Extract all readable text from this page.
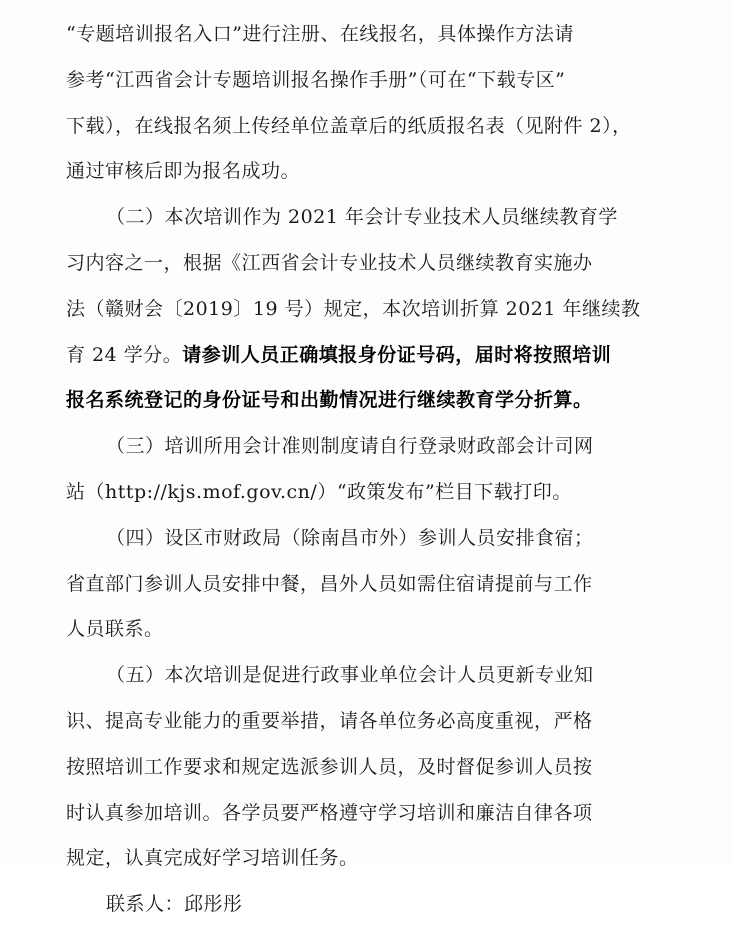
“专题培训报名入口”进行注册、在线报名，具体操作方法请
参考“江西省会计专题培训报名操作手册”（可在“下载专区”
下载），在线报名须上传经单位盖章后的纸质报名表（见附件 2），
通过审核后即为报名成功。
（二）本次培训作为 2021 年会计专业技术人员继续教育学
习内容之一，根据《江西省会计专业技术人员继续教育实施办
法（赣财会〔2019〕19 号）规定，本次培训折算 2021 年继续教
育 24 学分。请参训人员正确填报身份证号码，届时将按照培训
报名系统登记的身份证号和出勤情况进行继续教育学分折算。
（三）培训所用会计准则制度请自行登录财政部会计司网
站（http://kjs.mof.gov.cn/）“政策发布”栏目下载打印。
（四）设区市财政局（除南昌市外）参训人员安排食宿；
省直部门参训人员安排中餐，昌外人员如需住宿请提前与工作
人员联系。
（五）本次培训是促进行政事业单位会计人员更新专业知
识、提高专业能力的重要举措，请各单位务必高度重视，严格
按照培训工作要求和规定选派参训人员，及时督促参训人员按
时认真参加培训。各学员要严格遵守学习培训和廉洁自律各项
规定，认真完成好学习培训任务。
联系人：邱彤彤
